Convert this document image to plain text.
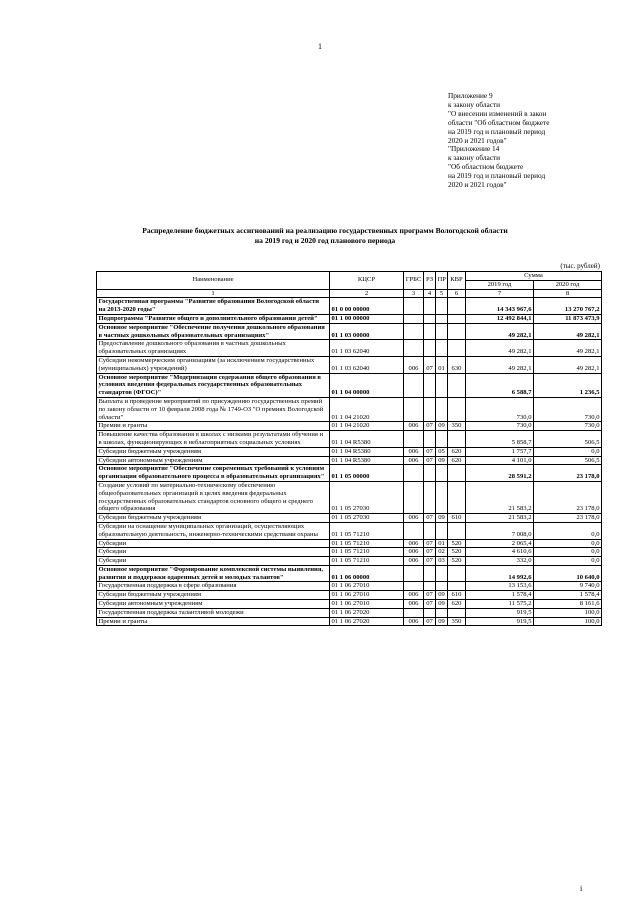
1
Приложение 9
к закону области
"О внесении изменений в закон
области "Об областном бюджете
на 2019 год и плановый период
2020 и 2021 годов"
"Приложение 14
к закону области
"Об областном бюджете
на 2019 год и плановый период
2020 и 2021 годов"
Распределение бюджетных ассигнований на реализацию государственных программ Вологодской области
на 2019 год и 2020 год планового периода
(тыс. рублей)
Наименование	КЦСР	ГРБС	РЗ	ПР	КВР	Сумма	
						2019 год	2020 год
1	2	3	4	5	6	7	8
Государственная программа "Развитие образования Вологодской области на 2013-2020 годы"	01 0 00 00000					14 343 967,6	13 270 767,2
Подпрограмма "Развитие общего и дополнительного образования детей"	01 1 00 00000					12 492 844,1	11 873 473,9
Основное мероприятие "Обеспечение получения дошкольного образования в частных дошкольных образовательных организациях"	01 1 03 00000					49 282,1	49 282,1
Предоставление дошкольного образования в частных дошкольных образовательных организациях	01 1 03 62040					49 282,1	49 282,1
Субсидии некоммерческим организациям (за исключением государственных (муниципальных) учреждений)	01 1 03 62040	006	07	01	630	49 282,1	49 282,1
Основное мероприятие "Модернизация содержания общего образования в условиях введения федеральных государственных образовательных стандартов (ФГОС)"	01 1 04 00000					6 588,7	1 236,5
Выплата и проведение мероприятий по присуждению государственных премий по закону области от 10 февраля 2008 года № 1749-ОЗ "О премиях Вологодской области"	01 1 04 21020					730,0	730,0
Премии и гранты	01 1 04 21020	006	07	09	350	730,0	730,0
Повышение качества образования в школах с низкими результатами обучения и в школах, функционирующих в неблагоприятных социальных условиях	01 1 04 R5380					5 858,7	506,5
Субсидии бюджетным учреждениям	01 1 04 R5380	006	07	05	620	1 757,7	0,0
Субсидии автономным учреждениям	01 1 04 R5380	006	07	09	620	4 101,0	506,5
Основное мероприятие "Обеспечение современных требований к условиям организации образовательного процесса в образовательных организациях"	01 1 05 00000					28 591,2	23 178,0
Создание условий по материально-техническому обеспечению общеобразовательных организаций в целях введения федеральных государственных образовательных стандартов основного общего и среднего общего образования	01 1 05 27030					21 583,2	23 178,0
Субсидии бюджетным учреждениям	01 1 05 27030	006	07	09	610	21 583,2	23 178,0
Субсидии на оснащение муниципальных организаций, осуществляющих образовательную деятельность, инженерно-техническими средствами охраны	01 1 05 71210					7 008,0	0,0
Субсидии	01 1 05 71210	006	07	01	520	2 065,4	0,0
Субсидии	01 1 05 71210	006	07	02	520	4 610,6	0,0
Субсидии	01 1 05 71210	006	07	03	520	332,0	0,0
Основное мероприятие "Формирование комплексной системы выявления, развития и поддержки одаренных детей и молодых талантов"	01 1 06 00000					14 992,6	10 640,0
Государственная поддержка в сфере образования	01 1 06 27010					13 153,6	9 740,0
Субсидии бюджетным учреждениям	01 1 06 27010	006	07	09	610	1 578,4	1 578,4
Субсидии автономным учреждениям	01 1 06 27010	006	07	09	620	11 575,2	8 161,6
Государственная поддержка талантливой молодежи	01 1 06 27020					919,5	100,0
Премии и гранты	01 1 06 27020	006	07	09	350	919,5	100,0
i
